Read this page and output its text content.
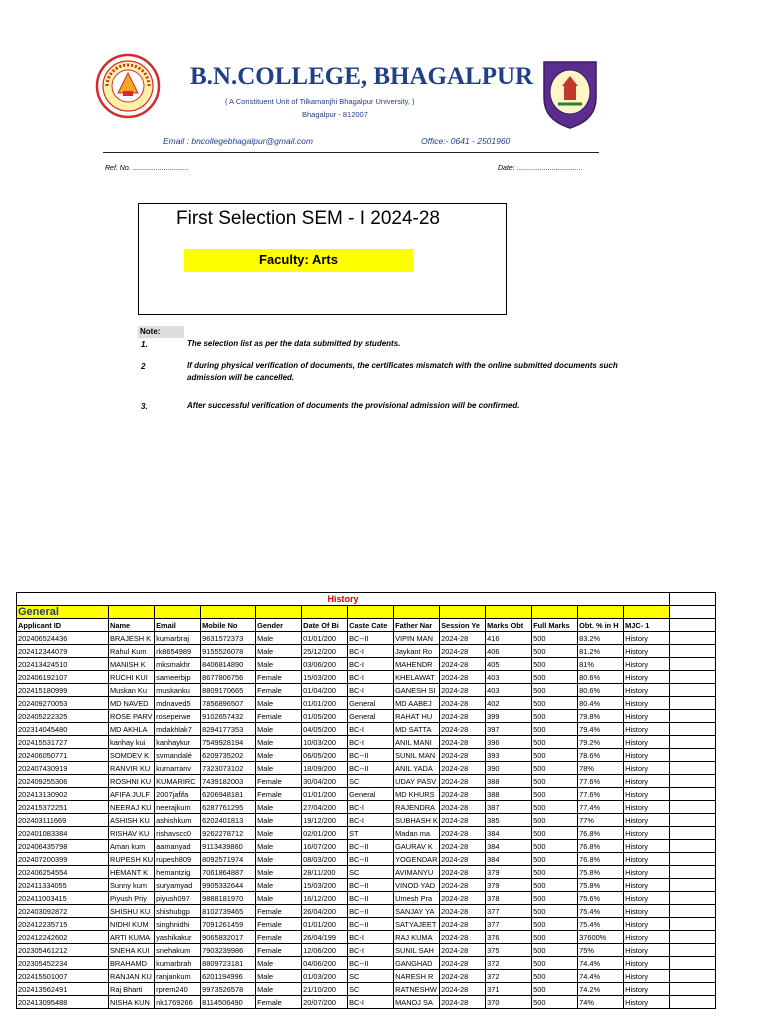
B.N.COLLEGE, BHAGALPUR
( A Constituent Unit of Tilkamanjhi Bhagalpur University, )
Bhagalpur - 812007
Email : bncollegebhagalpur@gmail.com	Office:- 0641 - 2501960
Ref. No. .............................	Date: ..................................
First Selection SEM - I 2024-28
Faculty: Arts
Note:
1.	The selection list as per the data submitted by students.
2	If during physical verification of documents, the certificates mismatch with the online submitted documents such admission will be cancelled.
3.	After successful verification of documents the provisional admission will be confirmed.
History													
General													
Applicant ID	Name	Email	Mobile No	Gender	Date Of Bi	Caste Cate	Father Nar	Session Ye	Marks Obt	Full Marks	Obt. % in H	MJC- 1	
202406524436	BRAJESH K	kumarbraj	9631572373	Male	01/01/200	BC--II	VIPIN MAN	2024-28	416	500	83.2%	History	
202412344079	Rahul Kum	rk8654989	9155526078	Male	25/12/200	BC-I	Jaykant Ro	2024-28	406	500	81.2%	History	
202413424510	MANISH K	mksmakhr	8406814890	Male	03/06/200	BC-I	MAHENDR	2024-28	405	500	81%	History	
202406192107	RUCHI KUI	sameerbjp	8677806756	Female	15/03/200	BC-I	KHELAWAT	2024-28	403	500	80.6%	History	
202415180999	Muskan Ku	muskanku	8809170665	Female	01/04/200	BC-I	GANESH SI	2024-28	403	500	80.6%	History	
202409270053	MD NAVED	mdnaved5	7856896507	Male	01/01/200	General	MD AABEJ	2024-28	402	500	80.4%	History	
202405222325	ROSE PARV	roseperwe	9102657432	Female	01/05/200	General	RAHAT HU	2024-28	399	500	79.8%	History	
202314045480	MD AKHLA	mdakhlak7	8294177353	Male	04/05/200	BC-I	MD SATTA	2024-28	397	500	79.4%	History	
202415531727	kanhay kui	kanhaykur	7549928194	Male	10/03/200	BC-I	ANIL MANI	2024-28	396	500	79.2%	History	
202406050771	SOMDEV K	svmandalé	6209735202	Male	06/05/200	BC--II	SUNIL MAN	2024-28	393	500	78.6%	History	
202407430919	RANVIR KU	kumarranv	7323073102	Male	18/09/200	BC--II	ANIL YADA	2024-28	390	500	78%	History	
202409255306	ROSHNI KU	KUMARIRC	7439182003	Female	30/04/200	SC	UDAY PASV	2024-28	388	500	77.6%	History	
202413130902	AFIFA JULF	2007jafifa	6206948181	Female	01/01/200	General	MD KHURS	2024-28	388	500	77.6%	History	
202415372251	NEERAJ KU	neerajkum	6287761295	Male	27/04/200	BC-I	RAJENDRA	2024-28	387	500	77.4%	History	
202403111669	ASHISH KU	ashishkum	6202401813	Male	19/12/200	BC-I	SUBHASH K	2024-28	385	500	77%	History	
202401083384	RISHAV KU	rishavscc0	9262278712	Male	02/01/200	ST	Madan ma	2024-28	384	500	76.8%	History	
202406435798	Aman kum	aamanyad	9113439860	Male	16/07/200	BC--II	GAURAV K	2024-28	384	500	76.8%	History	
202407200399	RUPESH KU	rupesh809	8092571974	Male	08/03/200	BC--II	YOGENDAR	2024-28	384	500	76.8%	History	
202406254554	HEMANT K	hemantzig	7061864887	Male	28/11/200	SC	AVIMANYU	2024-28	379	500	75.8%	History	
202411334055	Sunny kum	suryamyad	9905332644	Male	15/03/200	BC--II	VINOD YAD	2024-28	379	500	75.8%	History	
202411003415	Piyush Priy	piyush097	9888181970	Male	16/12/200	BC--II	Umesh Pra	2024-28	378	500	75.6%	History	
202403092872	SHISHU KU	shishubgp	8102739465	Female	26/04/200	BC--II	SANJAY YA	2024-28	377	500	75.4%	History	
202412235715	NIDHI KUM	singhnidhi	7091261459	Female	01/01/200	BC--II	SATYAJEET	2024-28	377	500	75.4%	History	
202412242602	ARTI KUMA	yashikakur	9065832017	Female	26/04/199	BC-I	RAJ KUMA	2024-28	376	500	37600%	History	
202305461212	SNEHA KUI	snehakum	7903239986	Female	12/06/200	BC-I	SUNIL SAH	2024-28	375	500	75%	History	
202305452234	BRAHAMD	kumarbrah	8809723181	Male	04/06/200	BC--II	GANGHAD	2024-28	372	500	74.4%	History	
202415501007	RANJAN KU	ranjankum	6201194996	Male	01/03/200	SC	NARESH R	2024-28	372	500	74.4%	History	
202413562491	Raj Bharti	rprem240	9973526578	Male	21/10/200	SC	RATNESHW	2024-28	371	500	74.2%	History	
202413095488	NISHA KUN	nk1769266	8114506490	Female	20/07/200	BC-I	MANOJ SA	2024-28	370	500	74%	History	
